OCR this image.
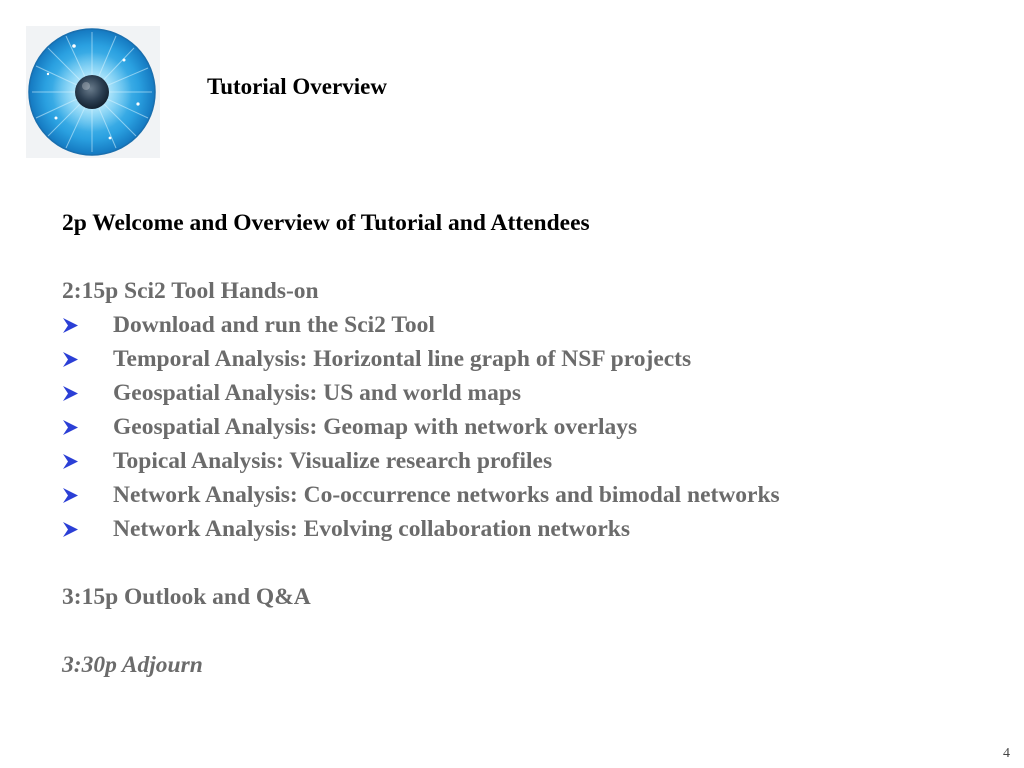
Tutorial Overview
2p Welcome and Overview of Tutorial and Attendees
2:15p Sci2 Tool Hands-on
Download and run the Sci2 Tool
Temporal Analysis: Horizontal line graph of NSF projects
Geospatial Analysis: US and world maps
Geospatial Analysis: Geomap with network overlays
Topical Analysis: Visualize research profiles
Network Analysis: Co-occurrence networks and bimodal networks
Network Analysis: Evolving collaboration networks
3:15p Outlook and Q&A
3:30p Adjourn
4
